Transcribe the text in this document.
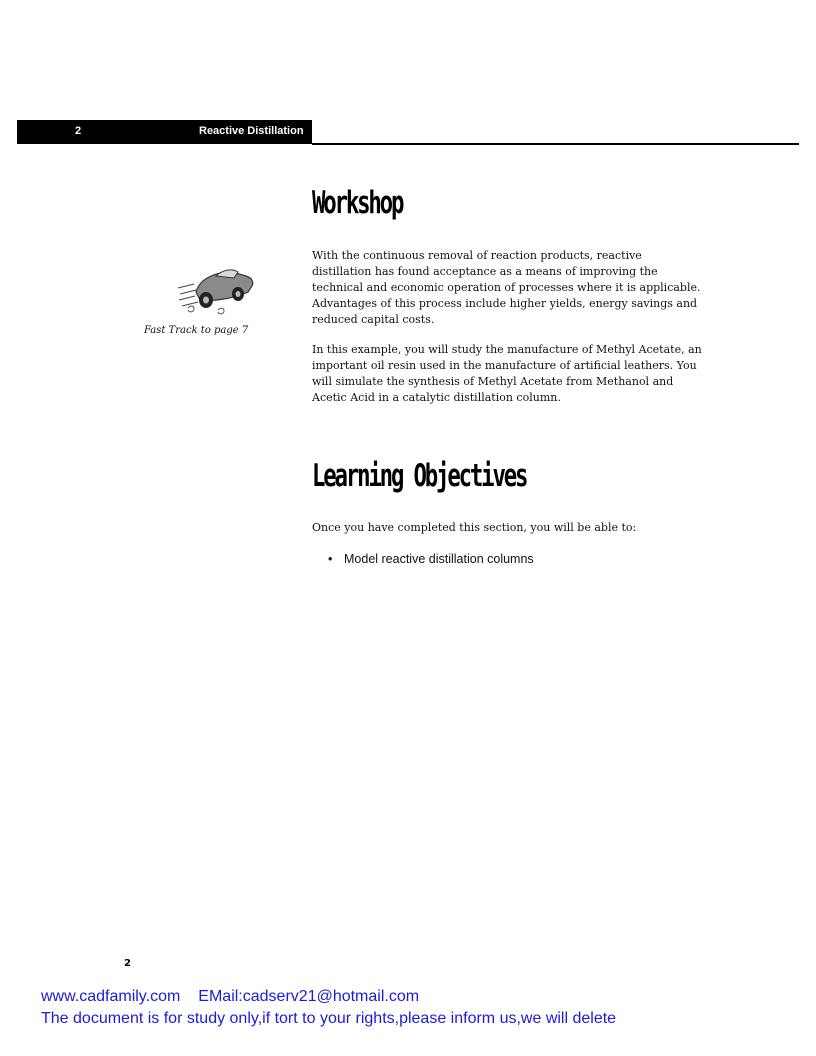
2	Reactive Distillation
Workshop
Fast Track to page 7

With the continuous removal of reaction products, reactive distillation has found acceptance as a means of improving the technical and economic operation of processes where it is applicable. Advantages of this process include higher yields, energy savings and reduced capital costs.

In this example, you will study the manufacture of Methyl Acetate, an important oil resin used in the manufacture of artificial leathers. You will simulate the synthesis of Methyl Acetate from Methanol and Acetic Acid in a catalytic distillation column.

Learning Objectives

Once you have completed this section, you will be able to:

• Model reactive distillation columns
2
www.cadfamily.com EMail:cadserv21@hotmail.com
The document is for study only,if tort to your rights,please inform us,we will delete
